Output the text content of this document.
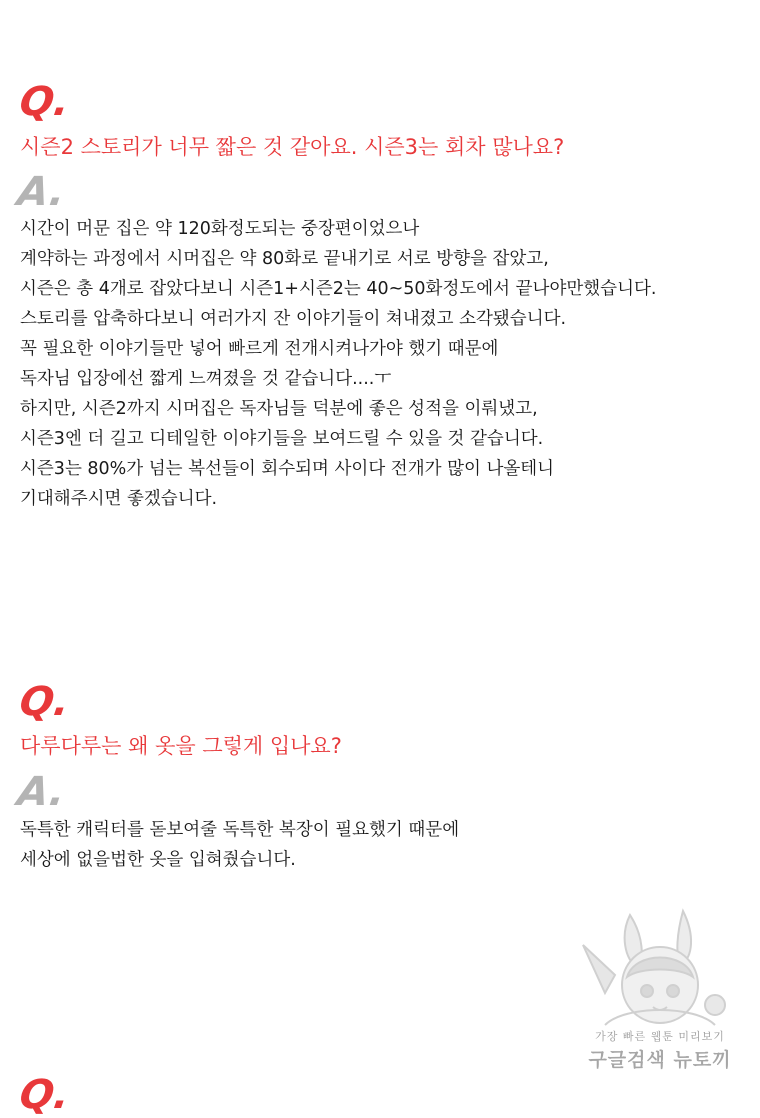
Q.
시즌2 스토리가 너무 짧은 것 같아요. 시즌3는 회차 많나요?
A.
시간이 머문 집은 약 120화정도되는 중장편이었으나
계약하는 과정에서 시머집은 약 80화로 끝내기로 서로 방향을 잡았고,
시즌은 총 4개로 잡았다보니 시즌1+시즌2는 40~50화정도에서 끝나야만했습니다.
스토리를 압축하다보니 여러가지 잔 이야기들이 쳐내졌고 소각됐습니다.
꼭 필요한 이야기들만 넣어 빠르게 전개시켜나가야 했기 때문에
독자님 입장에선 짧게 느껴졌을 것 같습니다....ㅜ
하지만, 시즌2까지 시머집은 독자님들 덕분에 좋은 성적을 이뤄냈고,
시즌3엔 더 길고 디테일한 이야기들을 보여드릴 수 있을 것 같습니다.
시즌3는 80%가 넘는 복선들이 회수되며 사이다 전개가 많이 나올테니
기대해주시면 좋겠습니다.
Q.
다루다루는 왜 옷을 그렇게 입나요?
A.
독특한 캐릭터를 돋보여줄 독특한 복장이 필요했기 때문에
세상에 없을법한 옷을 입혀줬습니다.
Q.
가장 빠른 웹툰 미리보기
구글검색 뉴토끼
